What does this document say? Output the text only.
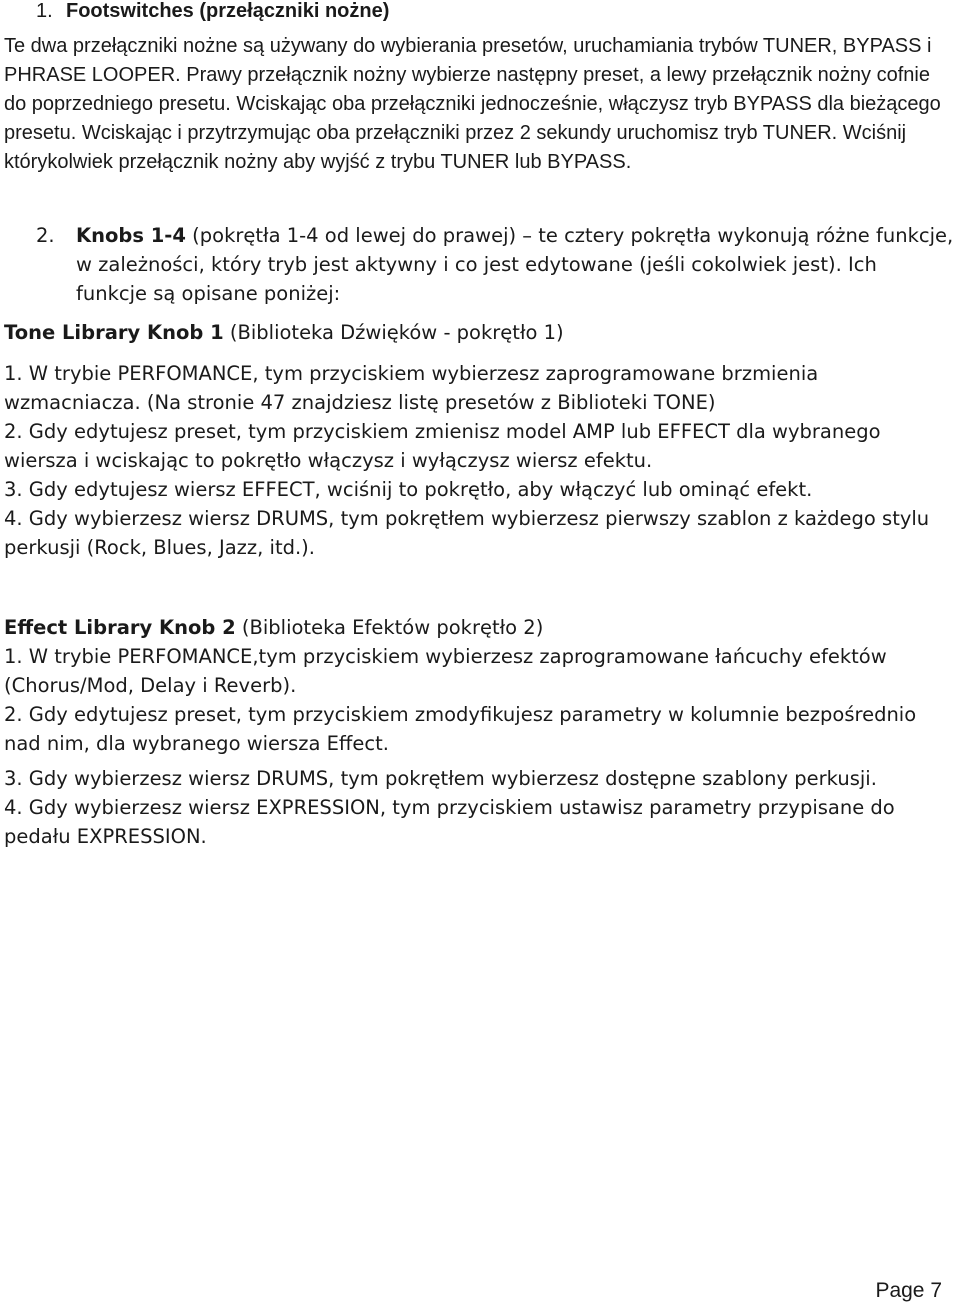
1. Footswitches (przełączniki nożne)

Te dwa przełączniki nożne są używany do wybierania presetów, uruchamiania trybów TUNER, BYPASS i PHRASE LOOPER. Prawy przełącznik nożny wybierze następny preset, a lewy przełącznik nożny cofnie do poprzedniego presetu. Wciskając oba przełączniki jednocześnie, włączysz tryb BYPASS dla bieżącego presetu. Wciskając i przytrzymując oba przełączniki przez 2 sekundy uruchomisz tryb TUNER. Wciśnij którykolwiek przełącznik nożny aby wyjść z trybu TUNER lub BYPASS.

2. Knobs 1-4 (pokrętła 1-4 od lewej do prawej) – te cztery pokrętła wykonują różne funkcje, w zależności, który tryb jest aktywny i co jest edytowane (jeśli cokolwiek jest). Ich funkcje są opisane poniżej:

Tone Library Knob 1 (Biblioteka Dźwięków - pokrętło 1)

1. W trybie PERFOMANCE, tym przyciskiem wybierzesz zaprogramowane brzmienia wzmacniacza. (Na stronie 47 znajdziesz listę presetów z Biblioteki TONE)

2. Gdy edytujesz preset, tym przyciskiem zmienisz model AMP lub EFFECT dla wybranego wiersza i wciskając to pokrętło włączysz i wyłączysz wiersz efektu.

3. Gdy edytujesz wiersz EFFECT, wciśnij to pokrętło, aby włączyć lub ominąć efekt.

4. Gdy wybierzesz wiersz DRUMS, tym pokrętłem wybierzesz pierwszy szablon z każdego stylu perkusji (Rock, Blues, Jazz, itd.).

Effect Library Knob 2 (Biblioteka Efektów pokrętło 2)

1. W trybie PERFOMANCE,tym przyciskiem wybierzesz zaprogramowane łańcuchy efektów (Chorus/Mod, Delay i Reverb).

2. Gdy edytujesz preset, tym przyciskiem zmodyfikujesz parametry w kolumnie bezpośrednio nad nim, dla wybranego wiersza Effect.

3. Gdy wybierzesz wiersz DRUMS, tym pokrętłem wybierzesz dostępne szablony perkusji.

4. Gdy wybierzesz wiersz EXPRESSION, tym przyciskiem ustawisz parametry przypisane do pedału EXPRESSION.

Page 7
